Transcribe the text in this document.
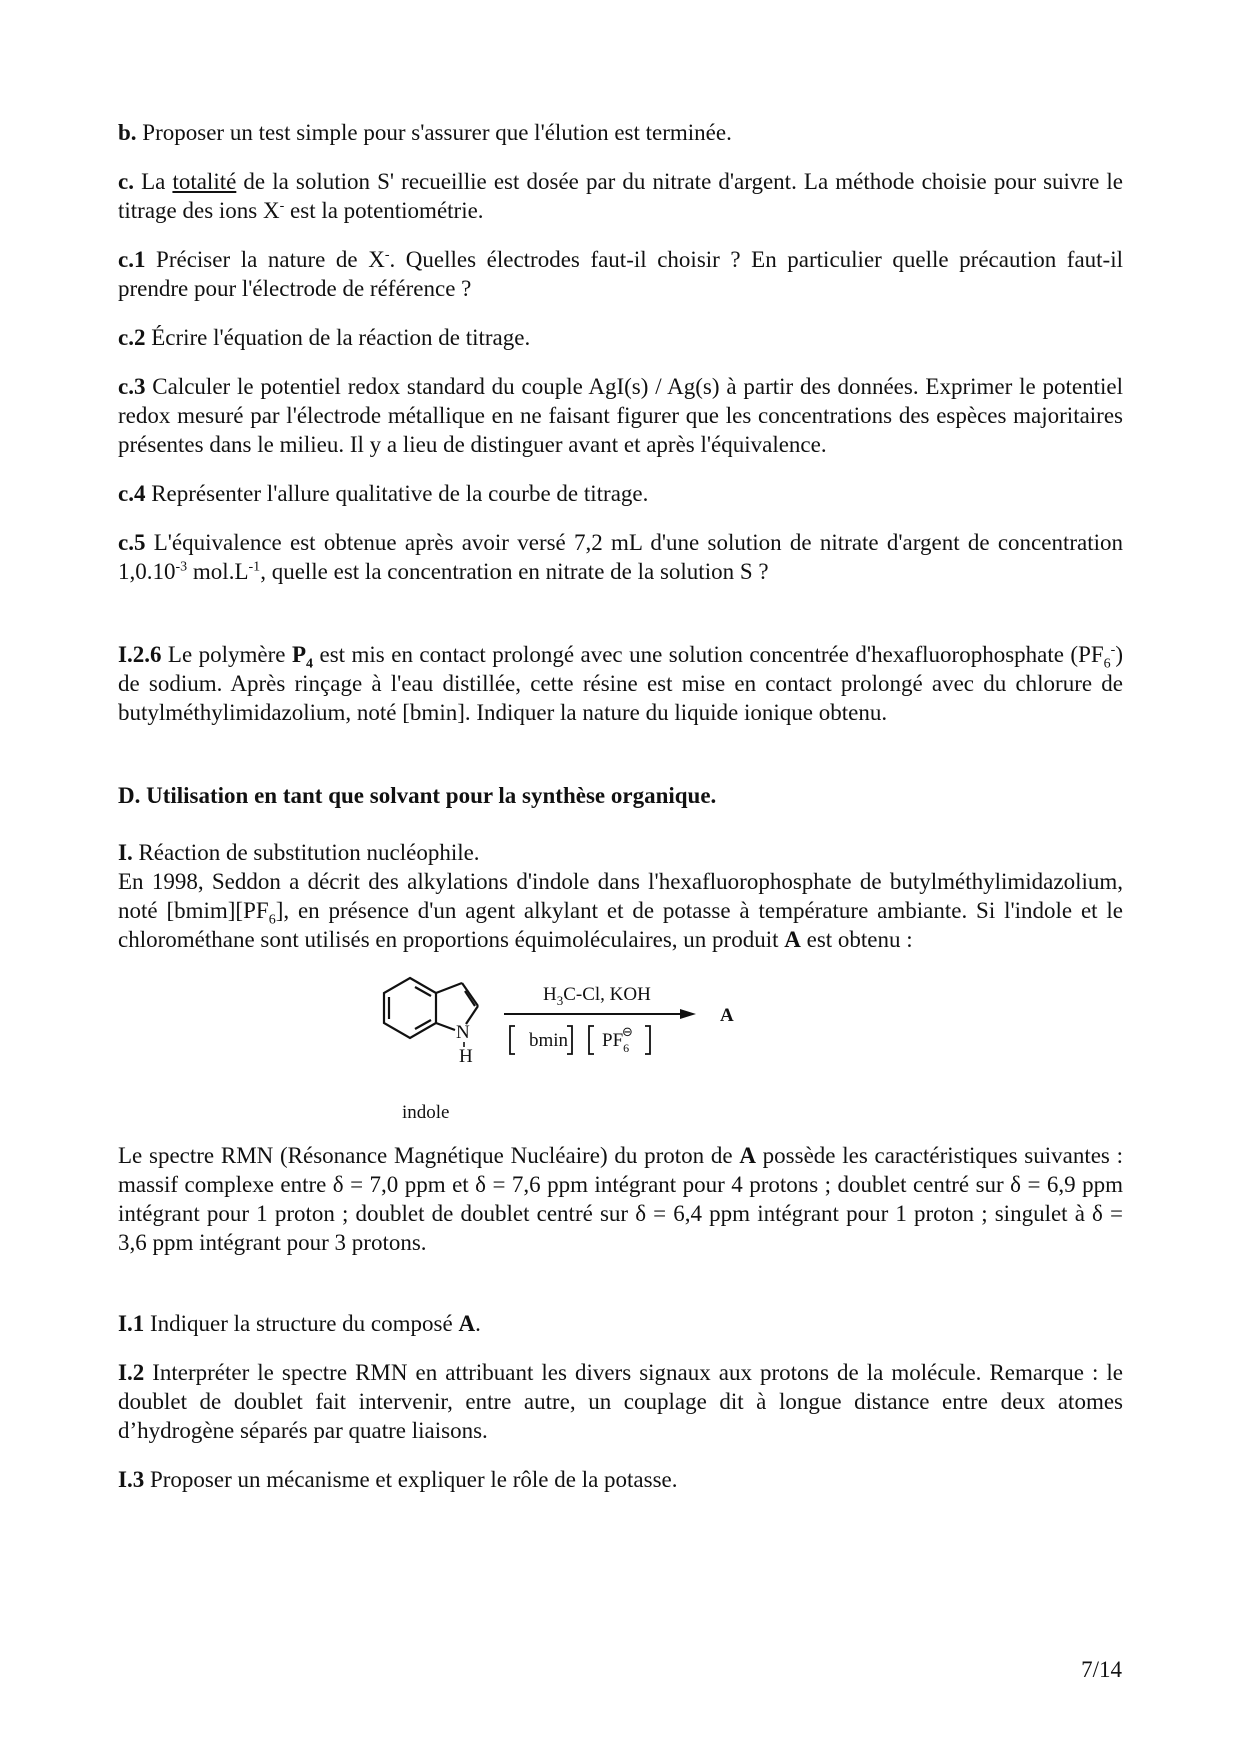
b. Proposer un test simple pour s'assurer que l'élution est terminée.

c. La totalité de la solution S' recueillie est dosée par du nitrate d'argent. La méthode choisie pour suivre le titrage des ions X- est la potentiométrie.

c.1 Préciser la nature de X-. Quelles électrodes faut-il choisir ? En particulier quelle précaution faut-il prendre pour l'électrode de référence ?

c.2 Écrire l'équation de la réaction de titrage.

c.3 Calculer le potentiel redox standard du couple AgI(s) / Ag(s) à partir des données. Exprimer le potentiel redox mesuré par l'électrode métallique en ne faisant figurer que les concentrations des espèces majoritaires présentes dans le milieu. Il y a lieu de distinguer avant et après l'équivalence.

c.4 Représenter l'allure qualitative de la courbe de titrage.

c.5 L'équivalence est obtenue après avoir versé 7,2 mL d'une solution de nitrate d'argent de concentration $1,0.10^{-3}$ $mol.L^{-1}$, quelle est la concentration en nitrate de la solution S ?

I.2.6 Le polymère $P_4$ est mis en contact prolongé avec une solution concentrée d'hexafluorophosphate $(PF_6^-)$ de sodium. Après rinçage à l'eau distillée, cette résine est mise en contact prolongé avec du chlorure de butylméthylimidazolium, noté [bmin]. Indiquer la nature du liquide ionique obtenu.

D. Utilisation en tant que solvant pour la synthèse organique.

I. Réaction de substitution nucléophile.
En 1998, Seddon a décrit des alkylations d'indole dans l'hexafluorophosphate de butylméthylimidazolium, noté $[bmim][PF_6]$, en présence d'un agent alkylant et de potasse à température ambiante. Si l'indole et le chlorométhane sont utilisés en proportions équimoléculaires, un produit A est obtenu :

N
H
indole
$H_3C-Cl$, KOH
bmin $PF_6$
⊖
A

Le spectre RMN (Résonance Magnétique Nucléaire) du proton de A possède les caractéristiques suivantes : massif complexe entre δ = 7,0 ppm et δ = 7,6 ppm intégrant pour 4 protons ; doublet centré sur δ = 6,9 ppm intégrant pour 1 proton ; doublet de doublet centré sur δ = 6,4 ppm intégrant pour 1 proton ; singulet à δ = 3,6 ppm intégrant pour 3 protons.

I.1 Indiquer la structure du composé A.

I.2 Interpréter le spectre RMN en attribuant les divers signaux aux protons de la molécule. Remarque : le doublet de doublet fait intervenir, entre autre, un couplage dit à longue distance entre deux atomes d’hydrogène séparés par quatre liaisons.

I.3 Proposer un mécanisme et expliquer le rôle de la potasse.

7/14
